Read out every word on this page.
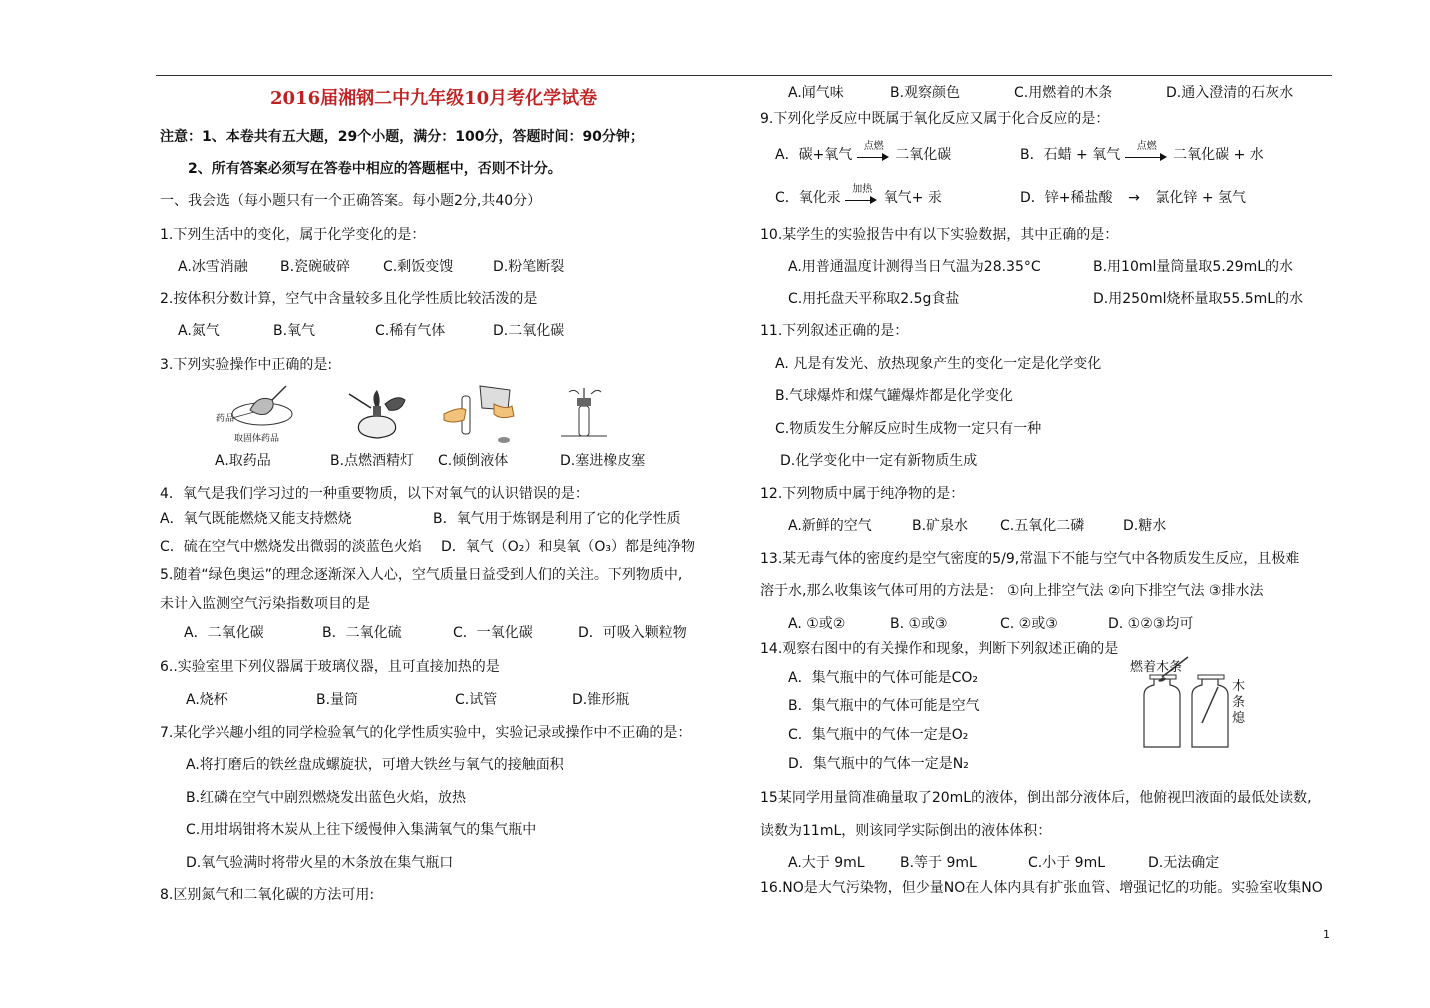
2016届湘钢二中九年级10月考化学试卷
注意：1、本卷共有五大题，29个小题，满分：100分，答题时间：90分钟；
2、所有答案必须写在答卷中相应的答题框中，否则不计分。
一、我会选（每小题只有一个正确答案。每小题2分,共40分）
1.下列生活中的变化，属于化学变化的是：
A.冰雪消融 B.瓷碗破碎 C.剩饭变馊	D.粉笔断裂
2.按体积分数计算，空气中含量较多且化学性质比较活泼的是
A.氮气	B.氧气	C.稀有气体	D.二氧化碳
3.下列实验操作中正确的是:
药品
取固体药品
A.取药品	B.点燃酒精灯 C.倾倒液体	D.塞进橡皮塞
4．氧气是我们学习过的一种重要物质，以下对氧气的认识错误的是：
A．氧气既能燃烧又能支持燃烧	B．氧气用于炼钢是利用了它的化学性质
C．硫在空气中燃烧发出微弱的淡蓝色火焰 D．氧气（O₂）和臭氧（O₃）都是纯净物
5.随着“绿色奥运”的理念逐渐深入人心，空气质量日益受到人们的关注。下列物质中,
未计入监测空气污染指数项目的是
A．二氧化碳	B．二氧化硫	C．一氧化碳	D．可吸入颗粒物
6..实验室里下列仪器属于玻璃仪器，且可直接加热的是
A.烧杯	B.量筒	C.试管	D.锥形瓶
7.某化学兴趣小组的同学检验氧气的化学性质实验中，实验记录或操作中不正确的是：
A.将打磨后的铁丝盘成螺旋状，可增大铁丝与氧气的接触面积
B.红磷在空气中剧烈燃烧发出蓝色火焰，放热
C.用坩埚钳将木炭从上往下缓慢伸入集满氧气的集气瓶中
D.氧气验满时将带火星的木条放在集气瓶口
8.区别氮气和二氧化碳的方法可用:
A.闻气味	B.观察颜色	C.用燃着的木条	D.通入澄清的石灰水
9.下列化学反应中既属于氧化反应又属于化合反应的是：
A．碳+氧气
点燃
二氧化碳	B．石蜡 + 氧气
点燃
二氧化碳 + 水
C．氧化汞
加热
氧气+ 汞	D．锌+稀盐酸 → 氯化锌 + 氢气
10.某学生的实验报告中有以下实验数据，其中正确的是：
A.用普通温度计测得当日气温为28.35°C	B.用10ml量筒量取5.29mL的水
C.用托盘天平称取2.5g食盐	D.用250ml烧杯量取55.5mL的水
11.下列叙述正确的是：
A. 凡是有发光、放热现象产生的变化一定是化学变化
B.气球爆炸和煤气罐爆炸都是化学变化
C.物质发生分解反应时生成物一定只有一种
D.化学变化中一定有新物质生成
12.下列物质中属于纯净物的是：
A.新鲜的空气	B.矿泉水 C.五氧化二磷	D.糖水
13.某无毒气体的密度约是空气密度的5/9,常温下不能与空气中各物质发生反应，且极难
溶于水,那么收集该气体可用的方法是： ①向上排空气法 ②向下排空气法 ③排水法
A. ①或②	B. ①或③	C. ②或③	D. ①②③均可
14.观察右图中的有关操作和现象，判断下列叙述正确的是
A．集气瓶中的气体可能是CO₂
B．集气瓶中的气体可能是空气
C．集气瓶中的气体一定是O₂
D．集气瓶中的气体一定是N₂
燃着木条
木
条
熄
15某同学用量筒准确量取了20mL的液体，倒出部分液体后，他俯视凹液面的最低处读数,
读数为11mL，则该同学实际倒出的液体体积：
A.大于 9mL	B.等于 9mL	C.小于 9mL	D.无法确定
16.NO是大气污染物，但少量NO在人体内具有扩张血管、增强记忆的功能。实验室收集NO
1
